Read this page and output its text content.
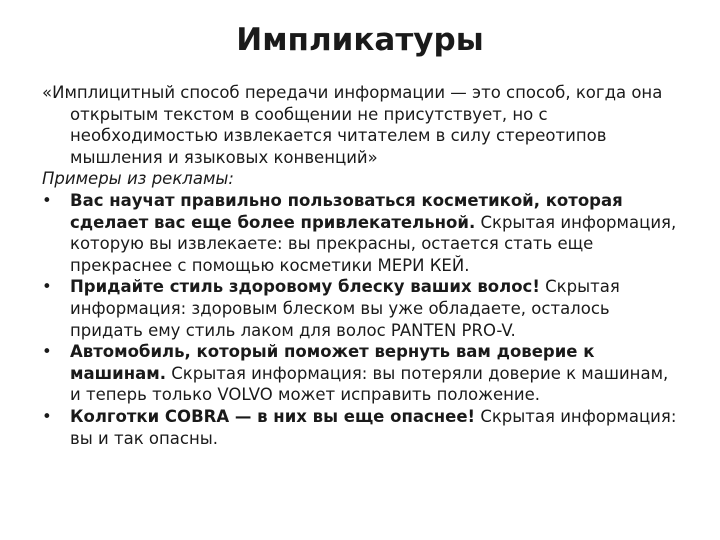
Импликатуры

«Имплицитный способ передачи информации — это способ, когда она открытым текстом в сообщении не присутствует, но с необходимостью извлекается читателем в силу стереотипов мышления и языковых конвенций»

Примеры из рекламы:

•	Вас научат правильно пользоваться косметикой, которая сделает вас еще более привлекательной. Скрытая информация, которую вы извлекаете: вы прекрасны, остается стать еще прекраснее с помощью косметики МЕРИ КЕЙ.
•	Придайте стиль здоровому блеску ваших волос! Скрытая информация: здоровым блеском вы уже обладаете, осталось придать ему стиль лаком для волос PANTEN PRO-V.
•	Автомобиль, который поможет вернуть вам доверие к машинам. Скрытая информация: вы потеряли доверие к машинам, и теперь только VOLVO может исправить положение.
•	Колготки COBRA — в них вы еще опаснее! Скрытая информация: вы и так опасны.
